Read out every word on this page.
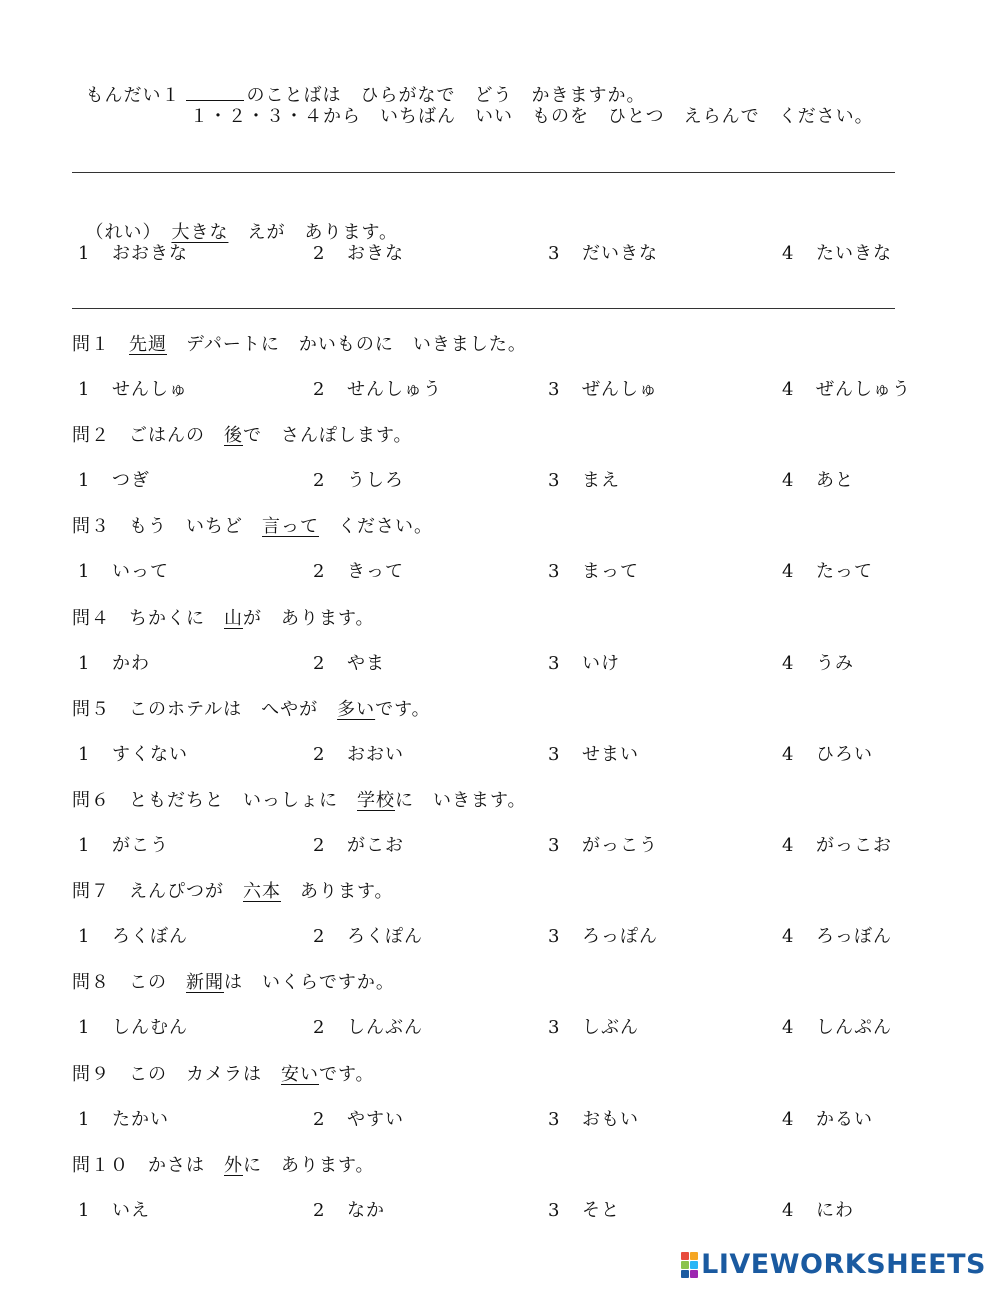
もんだい１	のことばは　ひらがなで　どう　かきますか。

１・２・３・４から　いちばん　いい　ものを　ひとつ　えらんで　ください。

（れい）　 大きな　えが　あります。

1 おおきな	2 おきな	3 だいきな	4 たいきな
問１　 先週　デパートに　かいものに　いきました。
1 せんしゅ	2 せんしゅう	3 ぜんしゅ	4 ぜんしゅう
問２　ごはんの　後で　さんぽします。
1 つぎ	2 うしろ	3 まえ	4 あと
問３　もう　いちど　言って　ください。
1 いって	2 きって	3 まって	4 たって
問４　ちかくに　山が　あります。
1 かわ	2 やま	3 いけ	4 うみ
問５　このホテルは　へやが　多いです。
1 すくない	2 おおい	3 せまい	4 ひろい
問６　ともだちと　いっしょに　学校に　いきます。
1 がこう	2 がこお	3 がっこう	4 がっこお
問７　えんぴつが　六本　あります。
1 ろくぼん	2 ろくぽん	3 ろっぽん	4 ろっぼん
問８　この　新聞は　いくらですか。
1 しんむん	2 しんぶん	3 しぶん	4 しんぷん
問９　この　カメラは　安いです。
1 たかい	2 やすい	3 おもい	4 かるい
問１０　かさは　外に　あります。
1 いえ	2 なか	3 そと	4 にわ
LIVEWORKSHEETS
